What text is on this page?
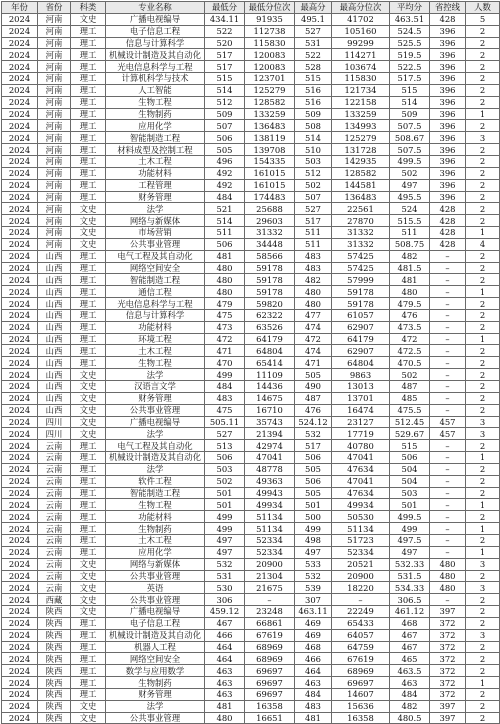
年份	省份	科类	专业名称	最低分	最低分位次	最高分	最高分位次	平均分	省控线	人数
2024	河南	文史	广播电视编导	434.11	91935	495.1	41702	463.51	428	5
2024	河南	理工	电子信息工程	522	112738	527	105160	524.5	396	2
2024	河南	理工	信息与计算科学	520	115830	531	99299	525.5	396	2
2024	河南	理工	机械设计制造及其自动化	517	120083	522	114271	519.5	396	2
2024	河南	理工	光电信息科学与工程	517	120083	528	103674	522.5	396	2
2024	河南	理工	计算机科学与技术	515	123701	515	115830	517.5	396	2
2024	河南	理工	人工智能	514	125279	516	121734	515	396	2
2024	河南	理工	生物工程	512	128582	516	122158	514	396	2
2024	河南	理工	生物制药	509	133259	509	133259	509	396	1
2024	河南	理工	应用化学	507	136483	508	134993	507.5	396	2
2024	河南	理工	智能制造工程	506	138119	514	125279	508.67	396	3
2024	河南	理工	材料成型及控制工程	505	139708	510	131728	507.5	396	2
2024	河南	理工	土木工程	496	154335	503	142935	499.5	396	2
2024	河南	理工	功能材料	492	161015	512	128582	502	396	2
2024	河南	理工	工程管理	492	161015	502	144581	497	396	2
2024	河南	理工	财务管理	484	174483	507	136483	495.5	396	2
2024	河南	文史	法学	521	25688	527	22561	524	428	2
2024	河南	文史	网络与新媒体	514	29603	517	27870	515.5	428	2
2024	河南	文史	市场营销	511	31332	511	31332	511	428	1
2024	河南	文史	公共事业管理	506	34448	511	31332	508.75	428	4
2024	山西	理工	电气工程及其自动化	481	58566	483	57425	482	–	2
2024	山西	理工	网络空间安全	480	59178	483	57425	481.5	–	2
2024	山西	理工	智能制造工程	480	59178	482	57999	481	–	2
2024	山西	理工	通信工程	480	59178	480	59178	480	–	1
2024	山西	理工	光电信息科学与工程	479	59820	480	59178	479.5	–	2
2024	山西	理工	信息与计算科学	475	62322	477	61057	476	–	2
2024	山西	理工	功能材料	473	63526	474	62907	473.5	–	2
2024	山西	理工	环境工程	472	64179	472	64179	472	–	1
2024	山西	理工	土木工程	471	64804	474	62907	472.5	–	2
2024	山西	理工	生物工程	470	65414	471	64804	470.5	–	2
2024	山西	文史	法学	499	11109	505	9863	502	–	2
2024	山西	文史	汉语言文学	484	14436	490	13013	487	–	2
2024	山西	文史	财务管理	483	14675	487	13701	485	–	2
2024	山西	文史	公共事业管理	475	16710	476	16474	475.5	–	2
2024	四川	文史	广播电视编导	505.11	35743	524.12	23127	512.45	457	3
2024	四川	文史	法学	527	21394	532	17719	529.67	457	3
2024	云南	理工	电气工程及其自动化	513	42974	517	40780	515	–	2
2024	云南	理工	机械设计制造及其自动化	506	47041	506	47041	506	–	1
2024	云南	理工	法学	503	48778	505	47634	504	–	2
2024	云南	理工	软件工程	502	49363	506	47041	504	–	2
2024	云南	理工	智能制造工程	501	49943	505	47634	503	–	2
2024	云南	理工	生物工程	501	49934	501	49934	501	–	1
2024	云南	理工	功能材料	499	51134	500	50530	499.5	–	2
2024	云南	理工	生物制药	499	51134	499	51134	499	–	1
2024	云南	理工	土木工程	497	52334	498	51723	497.5	–	2
2024	云南	理工	应用化学	497	52334	497	52334	497	–	1
2024	云南	文史	网络与新媒体	532	20900	533	20521	532.33	480	3
2024	云南	文史	公共事业管理	531	21304	532	20900	531.5	480	2
2024	云南	文史	英语	530	21675	539	18220	534.33	480	3
2024	西藏	文史	公共事业管理	306	–	307	–	306.5	–	2
2024	陕西	文史	广播电视编导	459.12	23248	463.11	22249	461.12	397	2
2024	陕西	理工	电子信息工程	467	66861	469	65433	468	372	2
2024	陕西	理工	机械设计制造及其自动化	466	67619	469	64057	467	372	3
2024	陕西	理工	机器人工程	464	68969	468	64759	467	372	2
2024	陕西	理工	网络空间安全	464	68969	466	67619	465	372	2
2024	陕西	理工	数学与应用数学	463	69697	464	68969	463.5	372	2
2024	陕西	理工	生物制药	463	69697	463	69697	463	372	1
2024	陕西	理工	财务管理	463	69697	484	14607	484	372	2
2024	陕西	文史	法学	481	16358	483	15636	482	397	2
2024	陕西	文史	公共事业管理	480	16651	481	16358	480.5	397	2
